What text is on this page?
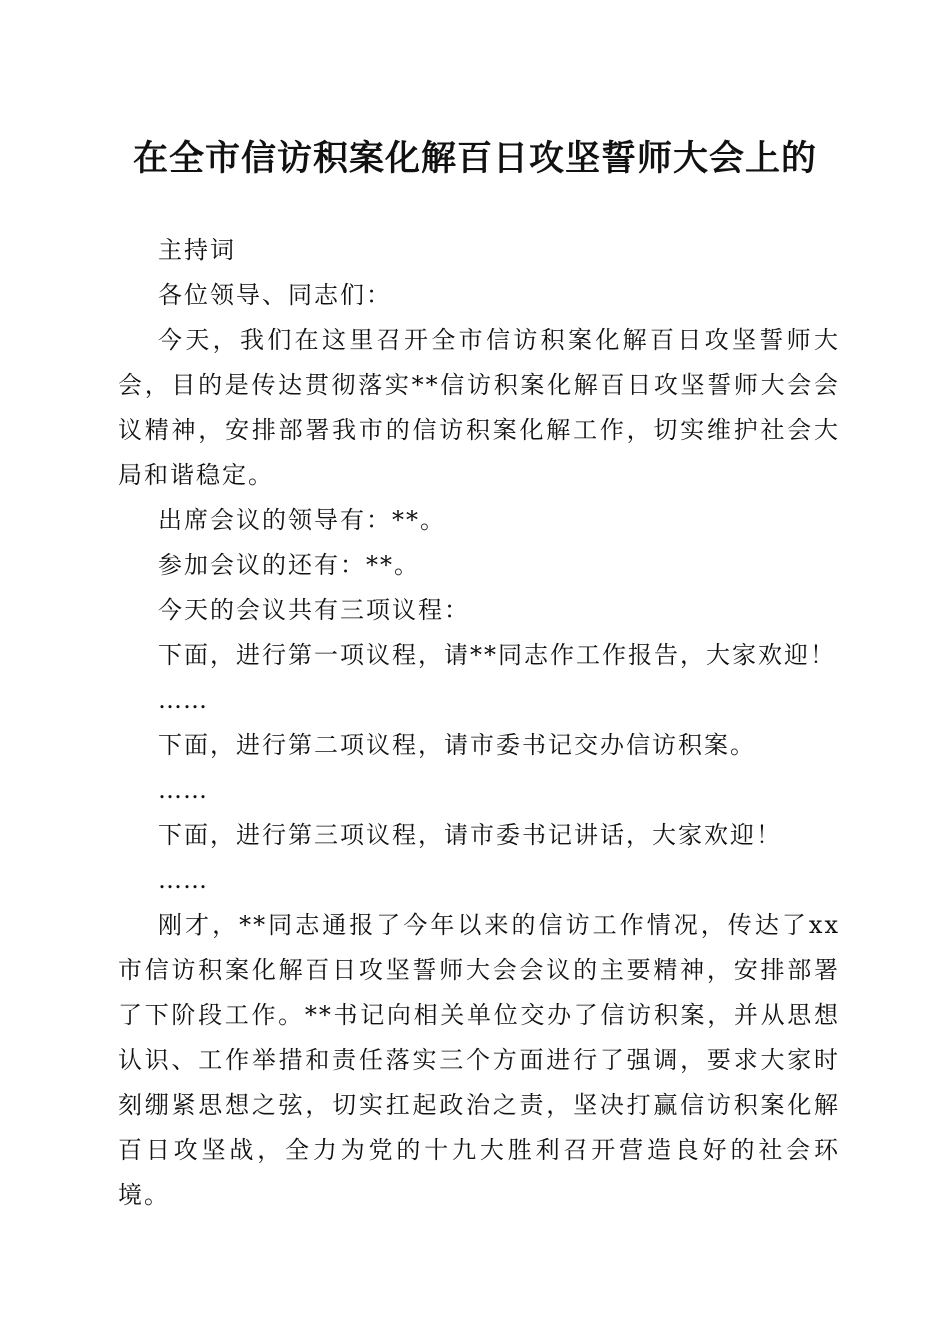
在全市信访积案化解百日攻坚誓师大会上的

主持词

各位领导、同志们：

今天，我们在这里召开全市信访积案化解百日攻坚誓师大会，目的是传达贯彻落实**信访积案化解百日攻坚誓师大会会议精神，安排部署我市的信访积案化解工作，切实维护社会大局和谐稳定。

出席会议的领导有：**。

参加会议的还有：**。

今天的会议共有三项议程：

下面，进行第一项议程，请**同志作工作报告，大家欢迎！

……

下面，进行第二项议程，请市委书记交办信访积案。

……

下面，进行第三项议程，请市委书记讲话，大家欢迎！

……

刚才，**同志通报了今年以来的信访工作情况，传达了xx市信访积案化解百日攻坚誓师大会会议的主要精神，安排部署了下阶段工作。**书记向相关单位交办了信访积案，并从思想认识、工作举措和责任落实三个方面进行了强调，要求大家时刻绷紧思想之弦，切实扛起政治之责，坚决打赢信访积案化解百日攻坚战，全力为党的十九大胜利召开营造良好的社会环境。
